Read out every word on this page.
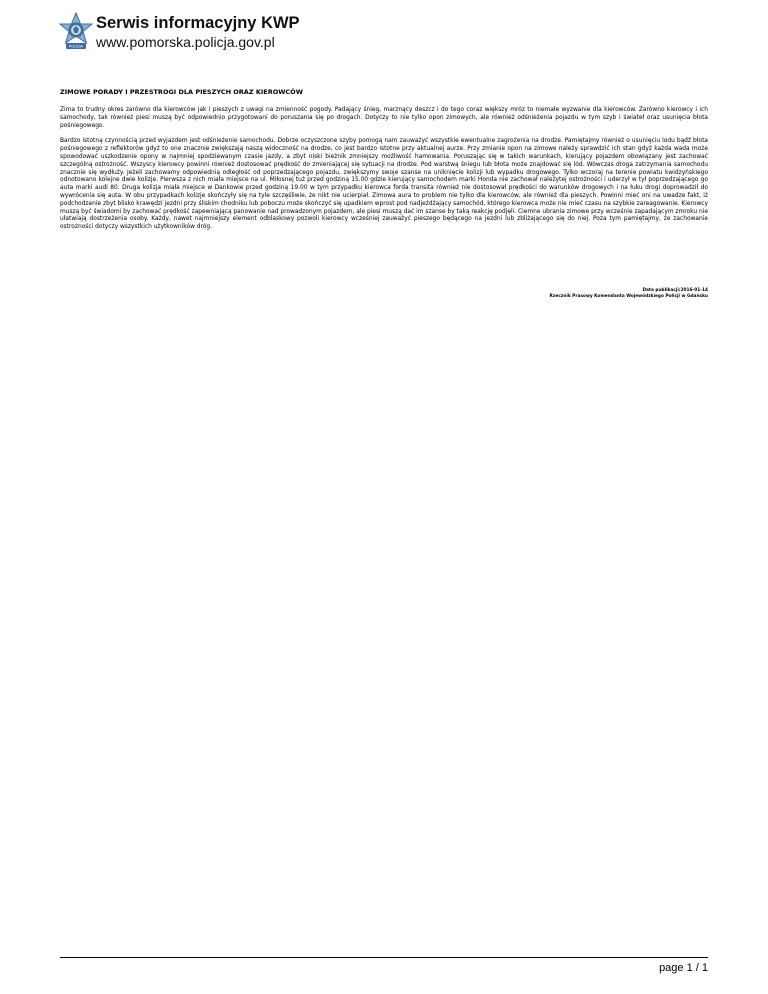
POLICJA
Serwis informacyjny KWP
www.pomorska.policja.gov.pl
ZIMOWE PORADY I PRZESTROGI DLA PIESZYCH ORAZ KIEROWCÓW

Zima to trudny okres zarówno dla kierowców jak i pieszych z uwagi na zmienność pogody. Padający śnieg, marznący deszcz i do tego coraz większy mróz to niemałe wyzwanie dla kierowców. Zarówno kierowcy i ich samochody, tak również piesi muszą być odpowiednio przygotowani do poruszania się po drogach. Dotyczy to nie tylko opon zimowych, ale również odśnieżenia pojazdu w tym szyb i świateł oraz usunięcia błota pośniegowego.

Bardzo istotną czynnością przed wyjazdem jest odśnieżenie samochodu. Dobrze oczyszczone szyby pomogą nam zauważyć wszystkie ewentualne zagrożenia na drodze. Pamiętajmy również o usunięciu lodu bądź błota pośniegowego z reflektorów gdyż to one znacznie zwiększają naszą widoczność na drodze, co jest bardzo istotne przy aktualnej aurze. Przy zmianie opon na zimowe należy sprawdzić ich stan gdyż każda wada może spowodować uszkodzenie opony w najmniej spodziewanym czasie jazdy, a zbyt niski bieżnik zmniejszy możliwość hamowania. Poruszając się w takich warunkach, kierujący pojazdem obowiązany jest zachować szczególną ostrożność. Wszyscy kierowcy powinni również dostosować prędkość do zmieniającej się sytuacji na drodze. Pod warstwą śniegu lub błota może znajdować się lód. Wówczas droga zatrzymania samochodu znacznie się wydłuży. Jeżeli zachowamy odpowiednią odległość od poprzedzającego pojazdu, zwiększymy swoje szanse na uniknięcie kolizji lub wypadku drogowego. Tylko wczoraj na terenie powiatu kwidzyńskiego odnotowano kolejne dwie kolizje. Pierwsza z nich miała miejsce na ul. Miłosnej tuż przed godziną 15.00 gdzie kierujący samochodem marki Honda nie zachował należytej ostrożności i uderzył w tył poprzedzającego go auta marki audi 80. Druga kolizja miała miejsce w Dankowie przed godziną 19.00 w tym przypadku kierowca forda transita również nie dostosował prędkości do warunków drogowych i na łuku drogi doprowadził do wywrócenia się auta. W obu przypadkach kolizje skończyły się na tyle szczęśliwie, że nikt nie ucierpiał. Zimowa aura to problem nie tylko dla kierowców, ale również dla pieszych. Powinni mieć oni na uwadze fakt, iż podchodzenie zbyt blisko krawędzi jezdni przy śliskim chodniku lub poboczu może skończyć się upadkiem wprost pod nadjeżdżający samochód, którego kierowca może nie mieć czasu na szybkie zareagowanie. Kierowcy muszą być świadomi by zachować prędkość zapewniającą panowanie nad prowadzonym pojazdem, ale piesi muszą dać im szanse by taką reakcję podjęli. Ciemne ubrania zimowe przy wcześnie zapadającym zmroku nie ułatwiają dostrzeżenia osoby. Każdy, nawet najmniejszy element odblaskowy pozwoli kierowcy wcześniej zauważyć pieszego będącego na jezdni lub zbliżającego się do niej. Poza tym pamiętajmy, że zachowanie ostrożności dotyczy wszystkich użytkowników dróg.

Data publikacji:2016-01-14
Rzecznik Prasowy Komendanta Wojewódzkiego Policji w Gdańsku
page 1 / 1
